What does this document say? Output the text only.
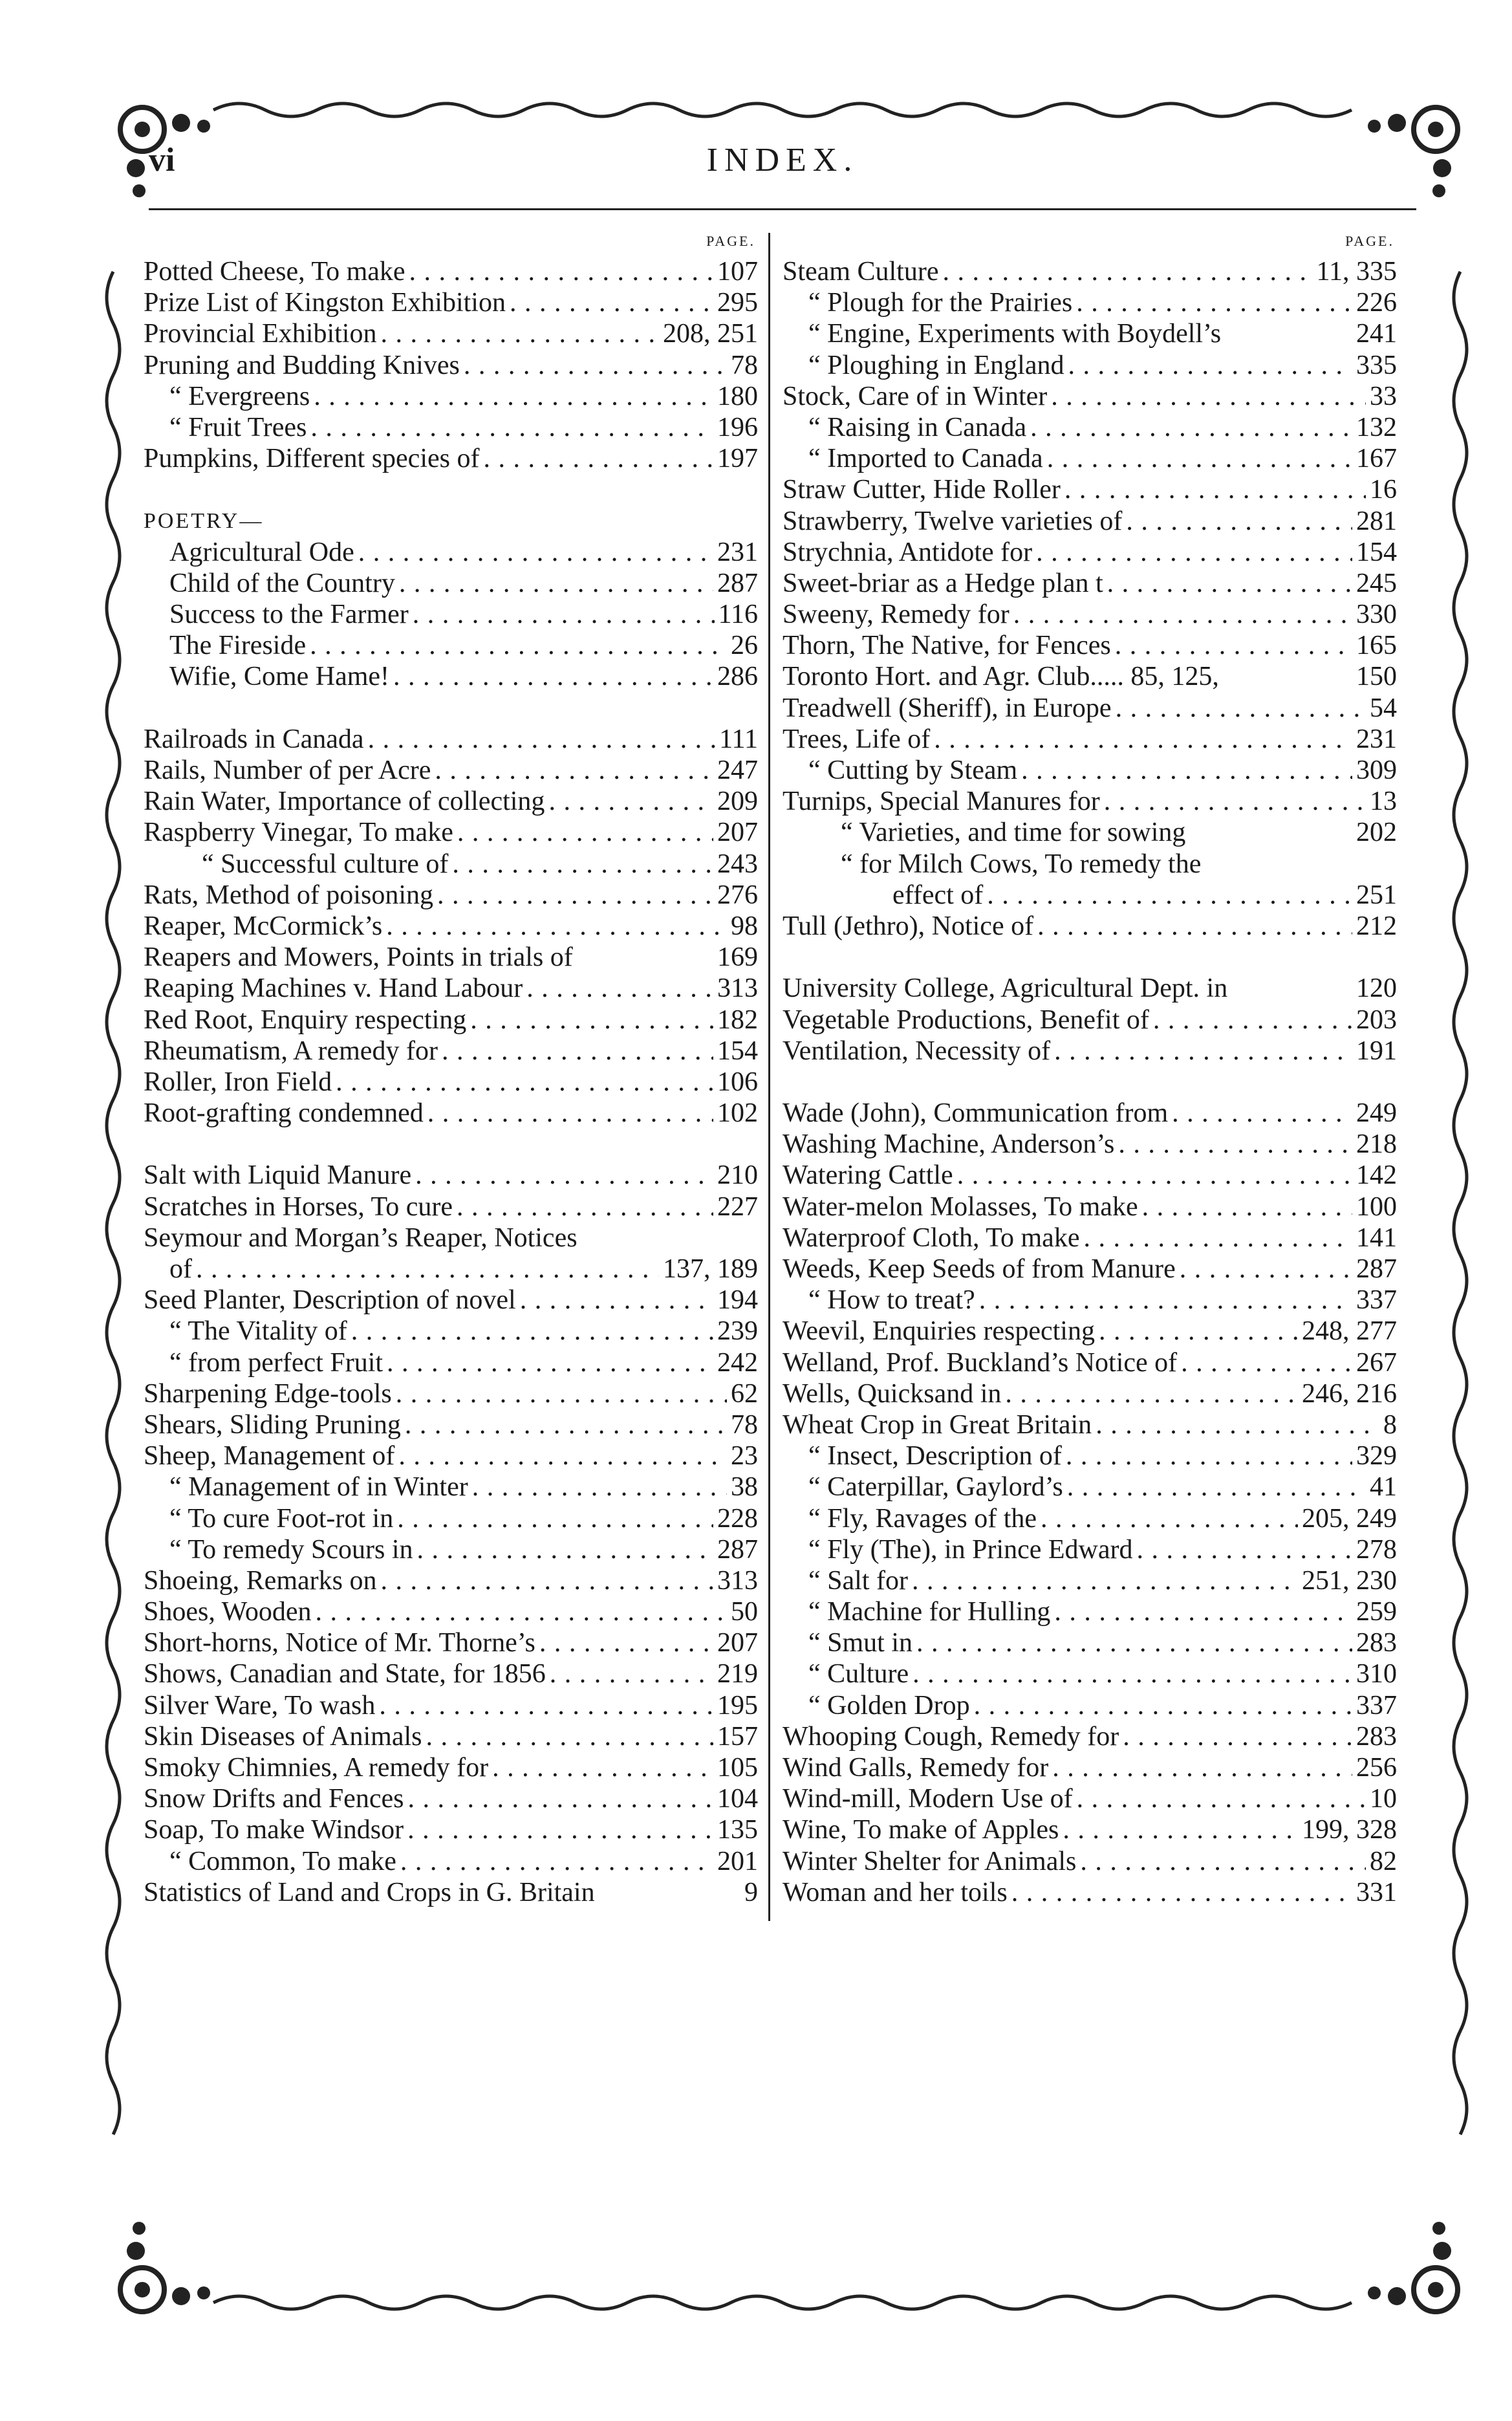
vi	INDEX.
PAGE.
Potted Cheese, To make . . .	107
Prize List of Kingston Exhibition . . .	295
Provincial Exhibition . . .	208, 251
Pruning and Budding Knives . . .	78
“ Evergreens . . .	180
“ Fruit Trees . . .	196
Pumpkins, Different species of . . .	197

POETRY—
Agricultural Ode . . .	231
Child of the Country . . .	287
Success to the Farmer . . .	116
The Fireside . . .	26
Wifie, Come Hame! . . .	286

Railroads in Canada . . .	111
Rails, Number of per Acre . . .	247
Rain Water, Importance of collecting . . .	209
Raspberry Vinegar, To make . . .	207
“ Successful culture of . . .	243
Rats, Method of poisoning . . .	276
Reaper, McCormick’s . . .	98
Reapers and Mowers, Points in trials of	169
Reaping Machines v. Hand Labour . . .	313
Red Root, Enquiry respecting . . .	182
Rheumatism, A remedy for . . .	154
Roller, Iron Field . . .	106
Root-grafting condemned . . .	102

Salt with Liquid Manure . . .	210
Scratches in Horses, To cure . . .	227
Seymour and Morgan’s Reaper, Notices
of . . .	137, 189
Seed Planter, Description of novel . . .	194
“ The Vitality of . . .	239
“ from perfect Fruit . . .	242
Sharpening Edge-tools . . .	62
Shears, Sliding Pruning . . .	78
Sheep, Management of . . .	23
“ Management of in Winter . . .	38
“ To cure Foot-rot in . . .	228
“ To remedy Scours in . . .	287
Shoeing, Remarks on . . .	313
Shoes, Wooden . . .	50
Short-horns, Notice of Mr. Thorne’s . . .	207
Shows, Canadian and State, for 1856 . . .	219
Silver Ware, To wash . . .	195
Skin Diseases of Animals . . .	157
Smoky Chimnies, A remedy for . . .	105
Snow Drifts and Fences . . .	104
Soap, To make Windsor . . .	135
“ Common, To make . . .	201
Statistics of Land and Crops in G. Britain	9
PAGE.
Steam Culture . . .	11, 335
“ Plough for the Prairies . . .	226
“ Engine, Experiments with Boydell’s	241
“ Ploughing in England . . .	335
Stock, Care of in Winter . . .	33
“ Raising in Canada . . .	132
“ Imported to Canada . . .	167
Straw Cutter, Hide Roller . . .	16
Strawberry, Twelve varieties of . . .	281
Strychnia, Antidote for . . .	154
Sweet-briar as a Hedge plan t . . .	245
Sweeny, Remedy for . . .	330
Thorn, The Native, for Fences . . .	165
Toronto Hort. and Agr. Club..... 85, 125,	150
Treadwell (Sheriff), in Europe . . .	54
Trees, Life of . . .	231
“ Cutting by Steam . . .	309
Turnips, Special Manures for . . .	13
“ Varieties, and time for sowing	202
“ for Milch Cows, To remedy the
effect of . . .	251
Tull (Jethro), Notice of . . .	212

University College, Agricultural Dept. in	120
Vegetable Productions, Benefit of . . .	203
Ventilation, Necessity of . . .	191

Wade (John), Communication from . . .	249
Washing Machine, Anderson’s . . .	218
Watering Cattle . . .	142
Water-melon Molasses, To make . . .	100
Waterproof Cloth, To make . . .	141
Weeds, Keep Seeds of from Manure . . .	287
“ How to treat? . . .	337
Weevil, Enquiries respecting . . .	248, 277
Welland, Prof. Buckland’s Notice of . . .	267
Wells, Quicksand in . . .	246, 216
Wheat Crop in Great Britain . . .	8
“ Insect, Description of . . .	329
“ Caterpillar, Gaylord’s . . .	41
“ Fly, Ravages of the . . .	205, 249
“ Fly (The), in Prince Edward . . .	278
“ Salt for . . .	251, 230
“ Machine for Hulling . . .	259
“ Smut in . . .	283
“ Culture . . .	310
“ Golden Drop . . .	337
Whooping Cough, Remedy for . . .	283
Wind Galls, Remedy for . . .	256
Wind-mill, Modern Use of . . .	10
Wine, To make of Apples . . .	199, 328
Winter Shelter for Animals . . .	82
Woman and her toils . . .	331
